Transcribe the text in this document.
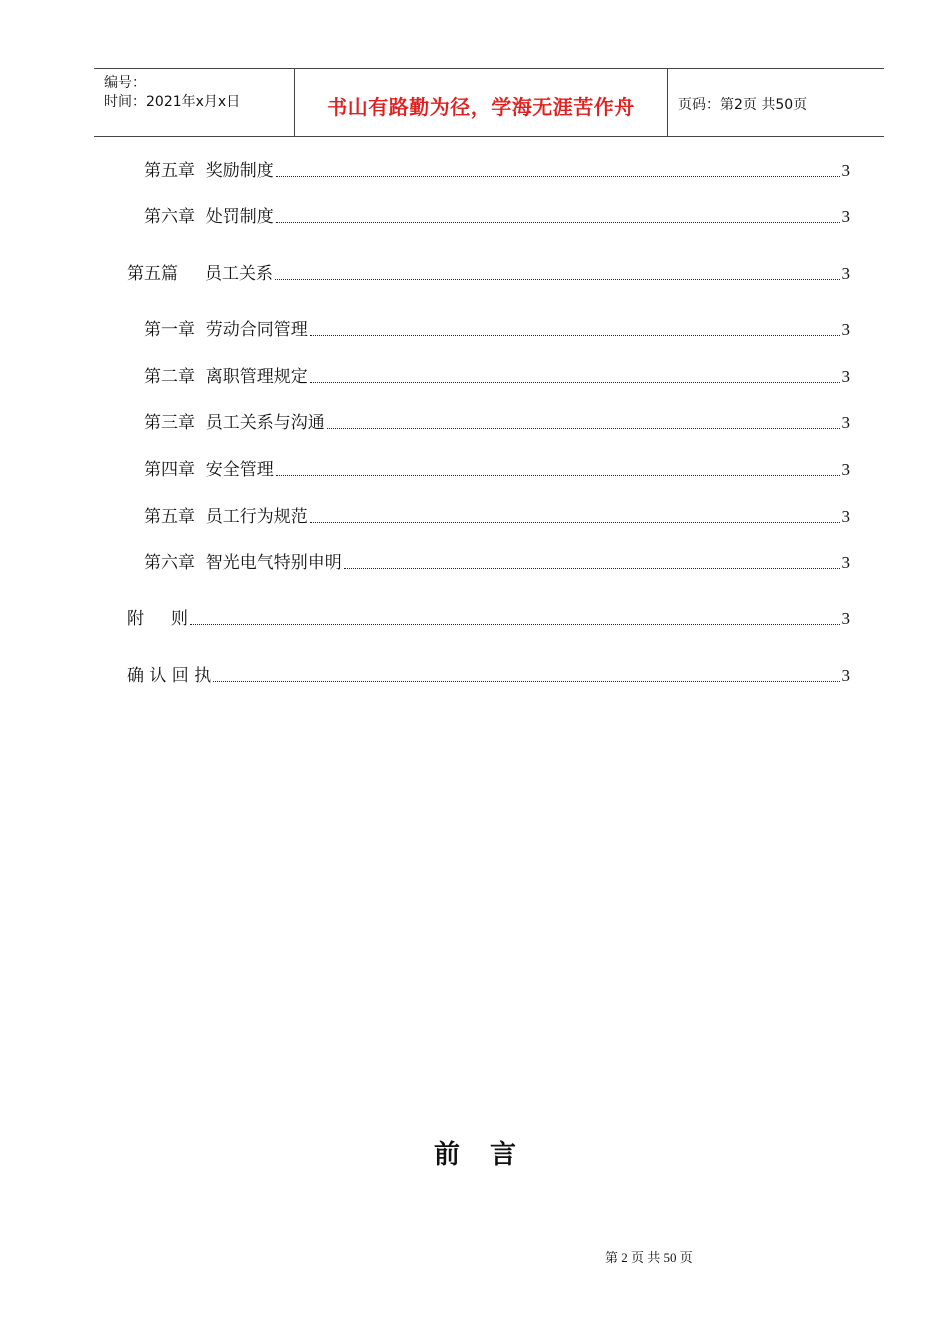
编号：
时间：2021年x月x日	书山有路勤为径，学海无涯苦作舟	页码：第2页 共50页
第五章  奖励制度	3
第六章  处罚制度	3
第五篇     员工关系	3
第一章  劳动合同管理	3
第二章  离职管理规定	3
第三章  员工关系与沟通	3
第四章  安全管理	3
第五章  员工行为规范	3
第六章  智光电气特别申明	3
附     则	3
确 认 回 执	3
前言
第 2 页 共 50 页
